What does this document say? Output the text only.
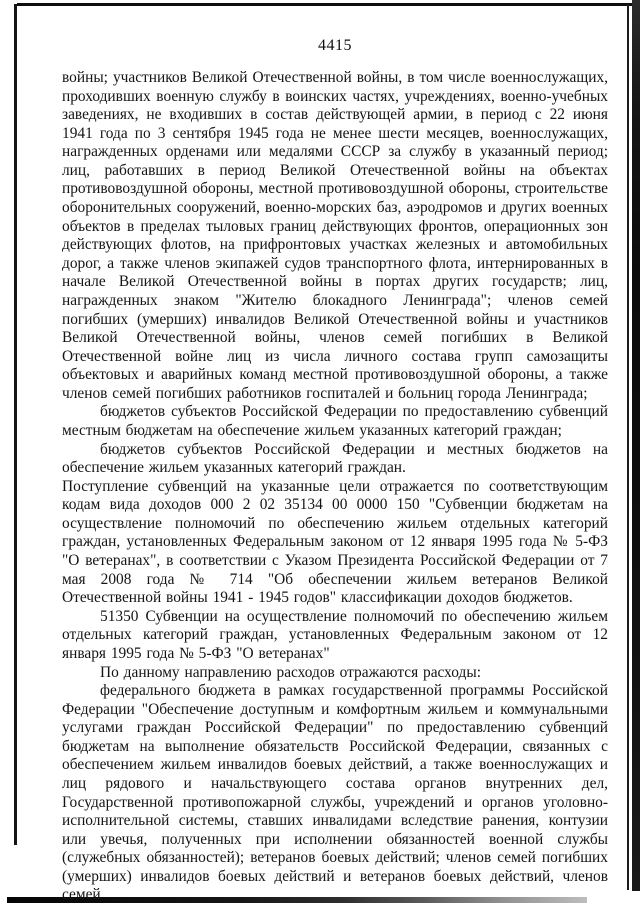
4415

войны; участников Великой Отечественной войны, в том числе военнослужащих, проходивших военную службу в воинских частях, учреждениях, военно-учебных заведениях, не входивших в состав действующей армии, в период с 22 июня 1941 года по 3 сентября 1945 года не менее шести месяцев, военнослужащих, награжденных орденами или медалями СССР за службу в указанный период; лиц, работавших в период Великой Отечественной войны на объектах противовоздушной обороны, местной противовоздушной обороны, строительстве оборонительных сооружений, военно-морских баз, аэродромов и других военных объектов в пределах тыловых границ действующих фронтов, операционных зон действующих флотов, на прифронтовых участках железных и автомобильных дорог, а также членов экипажей судов транспортного флота, интернированных в начале Великой Отечественной войны в портах других государств; лиц, награжденных знаком "Жителю блокадного Ленинграда"; членов семей погибших (умерших) инвалидов Великой Отечественной войны и участников Великой Отечественной войны, членов семей погибших в Великой Отечественной войне лиц из числа личного состава групп самозащиты объектовых и аварийных команд местной противовоздушной обороны, а также членов семей погибших работников госпиталей и больниц города Ленинграда;

бюджетов субъектов Российской Федерации по предоставлению субвенций местным бюджетам на обеспечение жильем указанных категорий граждан;

бюджетов субъектов Российской Федерации и местных бюджетов на обеспечение жильем указанных категорий граждан.

Поступление субвенций на указанные цели отражается по соответствующим кодам вида доходов 000 2 02 35134 00 0000 150 "Субвенции бюджетам на осуществление полномочий по обеспечению жильем отдельных категорий граждан, установленных Федеральным законом от 12 января 1995 года № 5-ФЗ "О ветеранах", в соответствии с Указом Президента Российской Федерации от 7 мая 2008 года № 714 "Об обеспечении жильем ветеранов Великой Отечественной войны 1941 - 1945 годов" классификации доходов бюджетов.

51350 Субвенции на осуществление полномочий по обеспечению жильем отдельных категорий граждан, установленных Федеральным законом от 12 января 1995 года № 5-ФЗ "О ветеранах"

По данному направлению расходов отражаются расходы:

федерального бюджета в рамках государственной программы Российской Федерации "Обеспечение доступным и комфортным жильем и коммунальными услугами граждан Российской Федерации" по предоставлению субвенций бюджетам на выполнение обязательств Российской Федерации, связанных с обеспечением жильем инвалидов боевых действий, а также военнослужащих и лиц рядового и начальствующего состава органов внутренних дел, Государственной противопожарной службы, учреждений и органов уголовно-исполнительной системы, ставших инвалидами вследствие ранения, контузии или увечья, полученных при исполнении обязанностей военной службы (служебных обязанностей); ветеранов боевых действий; членов семей погибших (умерших) инвалидов боевых действий и ветеранов боевых действий, членов семей
